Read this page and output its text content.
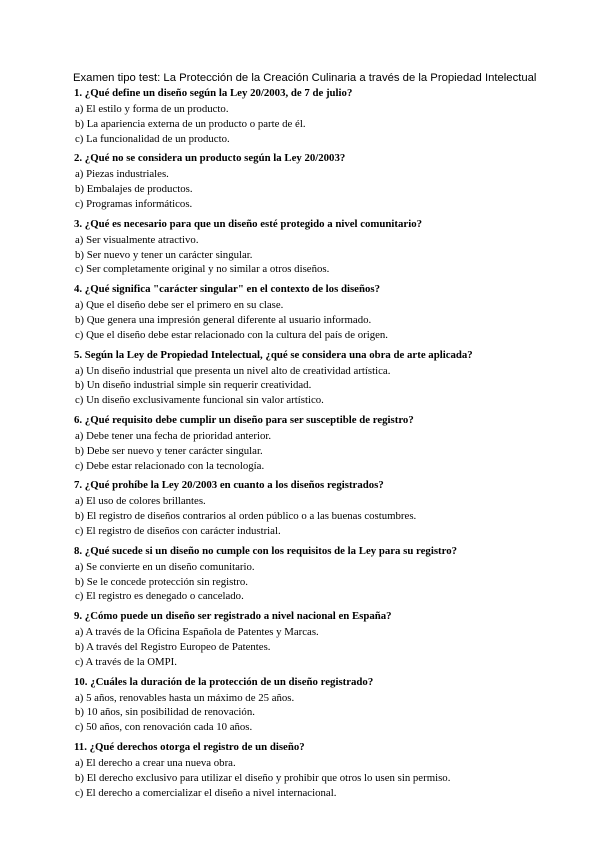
Examen tipo test: La Protección de la Creación Culinaria a través de la Propiedad Intelectual
1. ¿Qué define un diseño según la Ley 20/2003, de 7 de julio?
a) El estilo y forma de un producto.
b) La apariencia externa de un producto o parte de él.
c) La funcionalidad de un producto.
2. ¿Qué no se considera un producto según la Ley 20/2003?
a) Piezas industriales.
b) Embalajes de productos.
c) Programas informáticos.
3. ¿Qué es necesario para que un diseño esté protegido a nivel comunitario?
a) Ser visualmente atractivo.
b) Ser nuevo y tener un carácter singular.
c) Ser completamente original y no similar a otros diseños.
4. ¿Qué significa "carácter singular" en el contexto de los diseños?
a) Que el diseño debe ser el primero en su clase.
b) Que genera una impresión general diferente al usuario informado.
c) Que el diseño debe estar relacionado con la cultura del país de origen.
5. Según la Ley de Propiedad Intelectual, ¿qué se considera una obra de arte aplicada?
a) Un diseño industrial que presenta un nivel alto de creatividad artística.
b) Un diseño industrial simple sin requerir creatividad.
c) Un diseño exclusivamente funcional sin valor artístico.
6. ¿Qué requisito debe cumplir un diseño para ser susceptible de registro?
a) Debe tener una fecha de prioridad anterior.
b) Debe ser nuevo y tener carácter singular.
c) Debe estar relacionado con la tecnología.
7. ¿Qué prohíbe la Ley 20/2003 en cuanto a los diseños registrados?
a) El uso de colores brillantes.
b) El registro de diseños contrarios al orden público o a las buenas costumbres.
c) El registro de diseños con carácter industrial.
8. ¿Qué sucede si un diseño no cumple con los requisitos de la Ley para su registro?
a) Se convierte en un diseño comunitario.
b) Se le concede protección sin registro.
c) El registro es denegado o cancelado.
9. ¿Cómo puede un diseño ser registrado a nivel nacional en España?
a) A través de la Oficina Española de Patentes y Marcas.
b) A través del Registro Europeo de Patentes.
c) A través de la OMPI.
10. ¿Cuáles la duración de la protección de un diseño registrado?
a) 5 años, renovables hasta un máximo de 25 años.
b) 10 años, sin posibilidad de renovación.
c) 50 años, con renovación cada 10 años.
11. ¿Qué derechos otorga el registro de un diseño?
a) El derecho a crear una nueva obra.
b) El derecho exclusivo para utilizar el diseño y prohibir que otros lo usen sin permiso.
c) El derecho a comercializar el diseño a nivel internacional.
